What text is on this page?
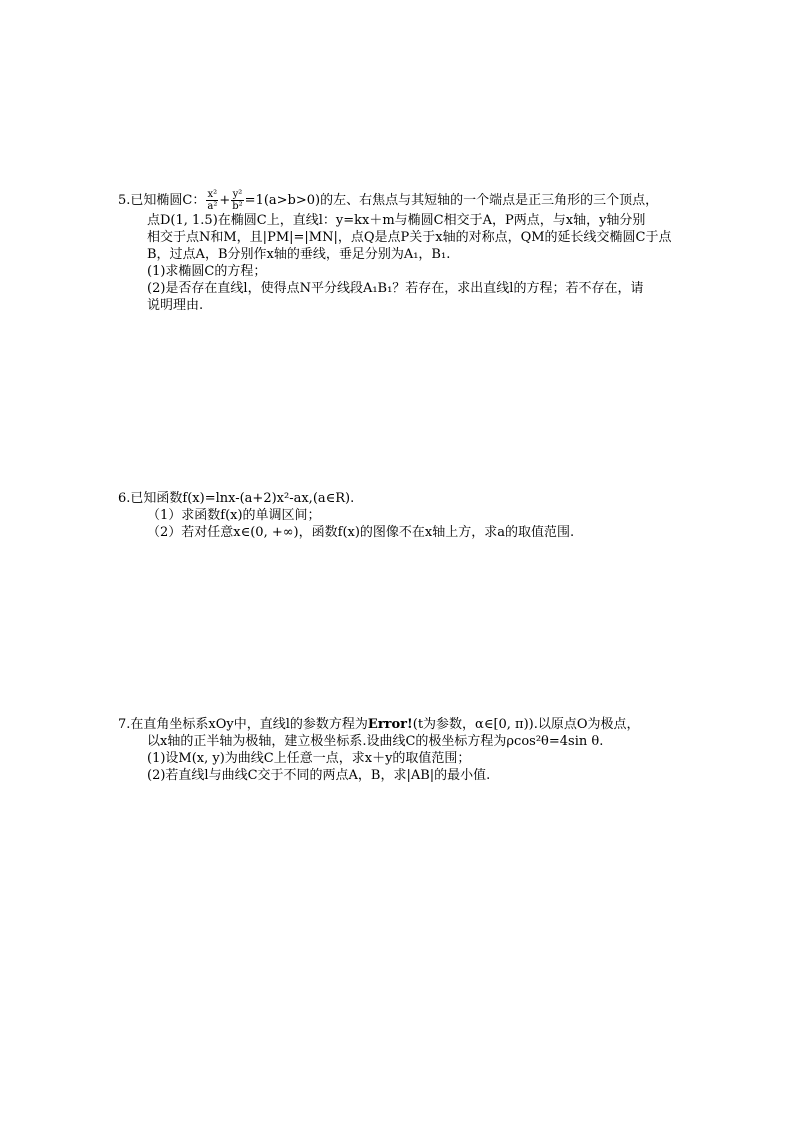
5.已知椭圆C： $\frac{\text{x²}}{\text{a²}} + \frac{\text{y²}}{\text{b²}} =1(a>b>0)$的左、右焦点与其短轴的一个端点是正三角形的三个顶点，
点D(1, 1.5)在椭圆C上，直线l：y=kx＋m与椭圆C相交于A，P两点，与x轴，y轴分别
相交于点N和M，且|PM|=|MN|，点Q是点P关于x轴的对称点，QM的延长线交椭圆C于点
B，过点A，B分别作x轴的垂线，垂足分别为A₁，B₁.
(1)求椭圆C的方程；
(2)是否存在直线l，使得点N平分线段A₁B₁？若存在，求出直线l的方程；若不存在，请
说明理由.
6.已知函数f(x)=lnx-(a+2)x²-ax,(a∈R).
（1）求函数f(x)的单调区间；
（2）若对任意x∈(0, +∞)，函数f(x)的图像不在x轴上方，求a的取值范围.
7.在直角坐标系xOy中，直线l的参数方程为Error!(t为参数，α∈[0, π)).以原点O为极点，
以x轴的正半轴为极轴，建立极坐标系.设曲线C的极坐标方程为ρcos²θ=4sin θ.
(1)设M(x, y)为曲线C上任意一点，求x＋y的取值范围；
(2)若直线l与曲线C交于不同的两点A，B，求|AB|的最小值.
